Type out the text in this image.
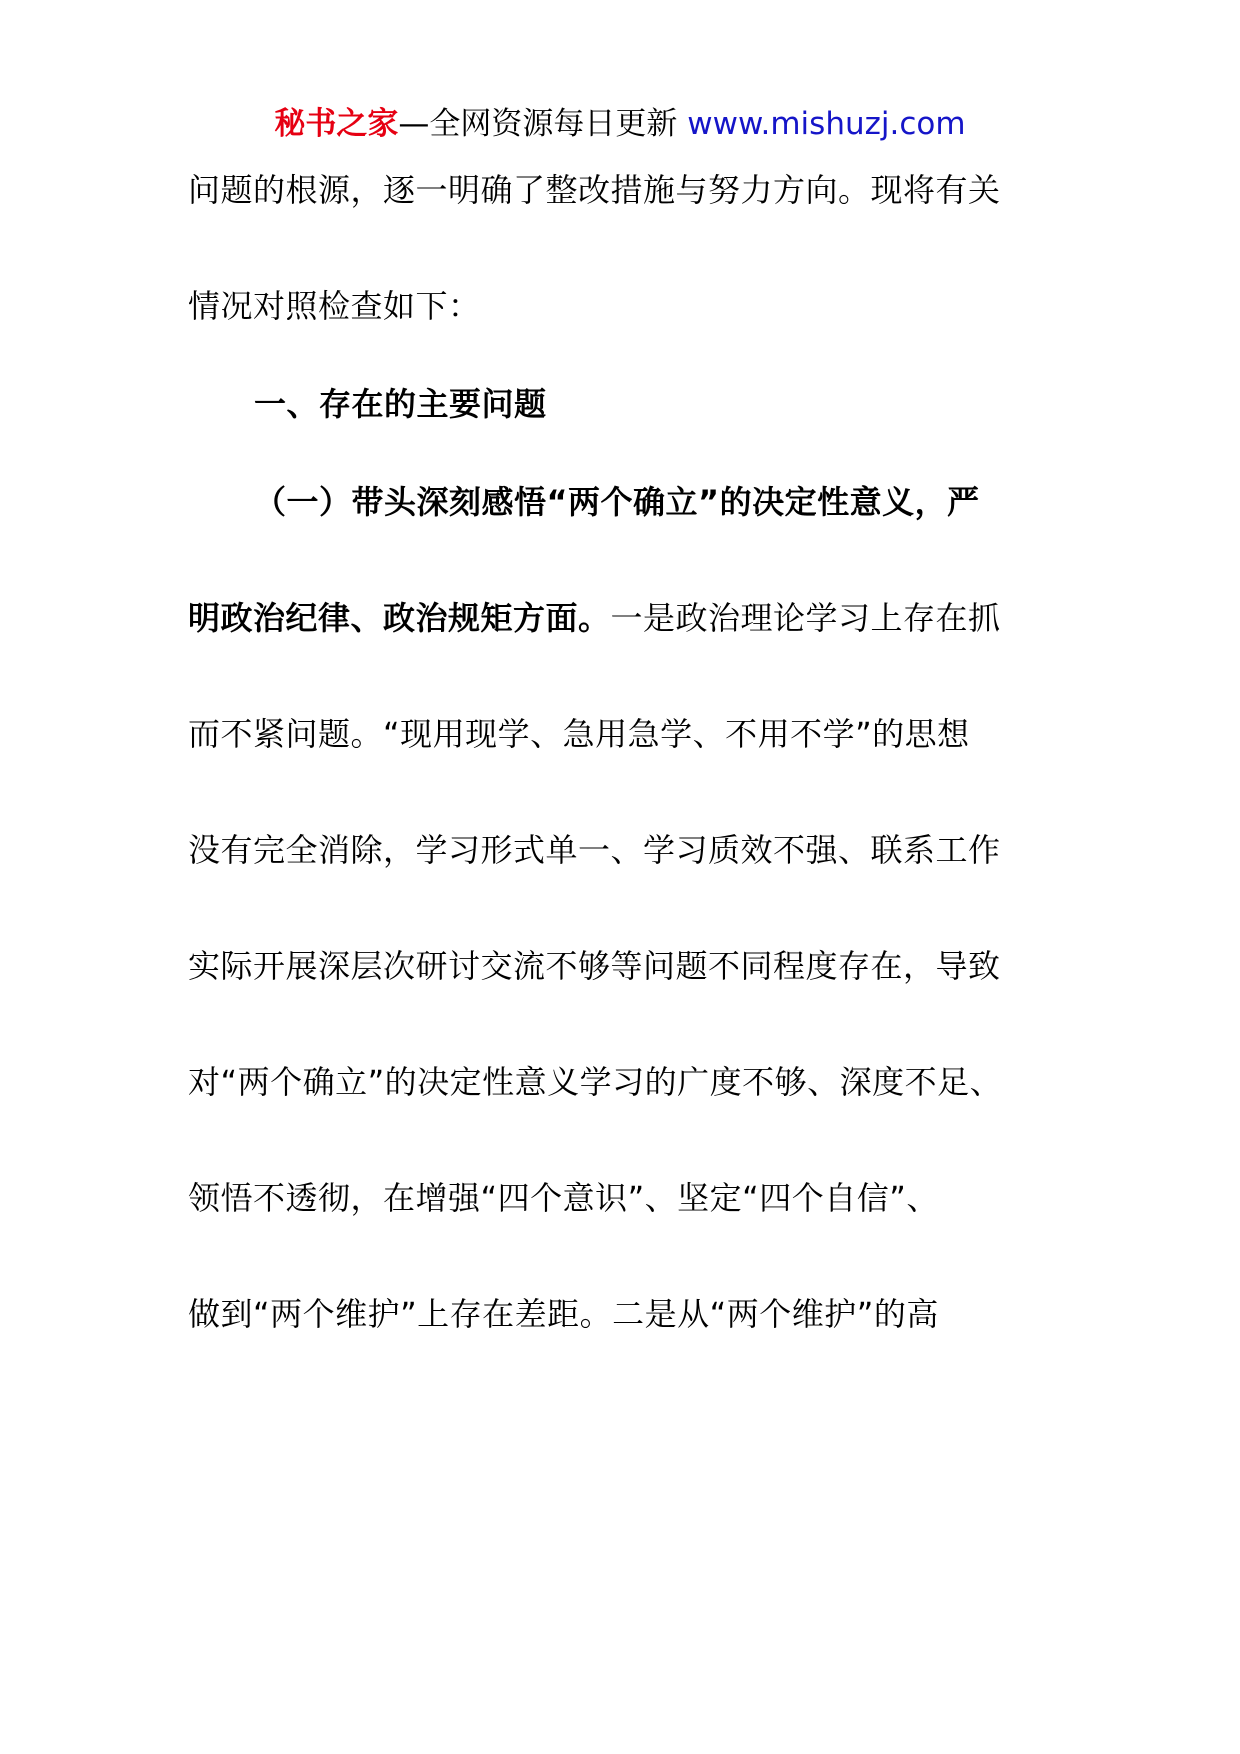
秘书之家—全网资源每日更新 www.mishuzj.com
问题的根源，逐一明确了整改措施与努力方向。现将有关
情况对照检查如下：
一、存在的主要问题
（一）带头深刻感悟“两个确立”的决定性意义，严
明政治纪律、政治规矩方面。一是政治理论学习上存在抓
而不紧问题。“现用现学、急用急学、不用不学”的思想
没有完全消除，学习形式单一、学习质效不强、联系工作
实际开展深层次研讨交流不够等问题不同程度存在，导致
对“两个确立”的决定性意义学习的广度不够、深度不足、
领悟不透彻，在增强“四个意识”、坚定“四个自信”、
做到“两个维护”上存在差距。二是从“两个维护”的高
